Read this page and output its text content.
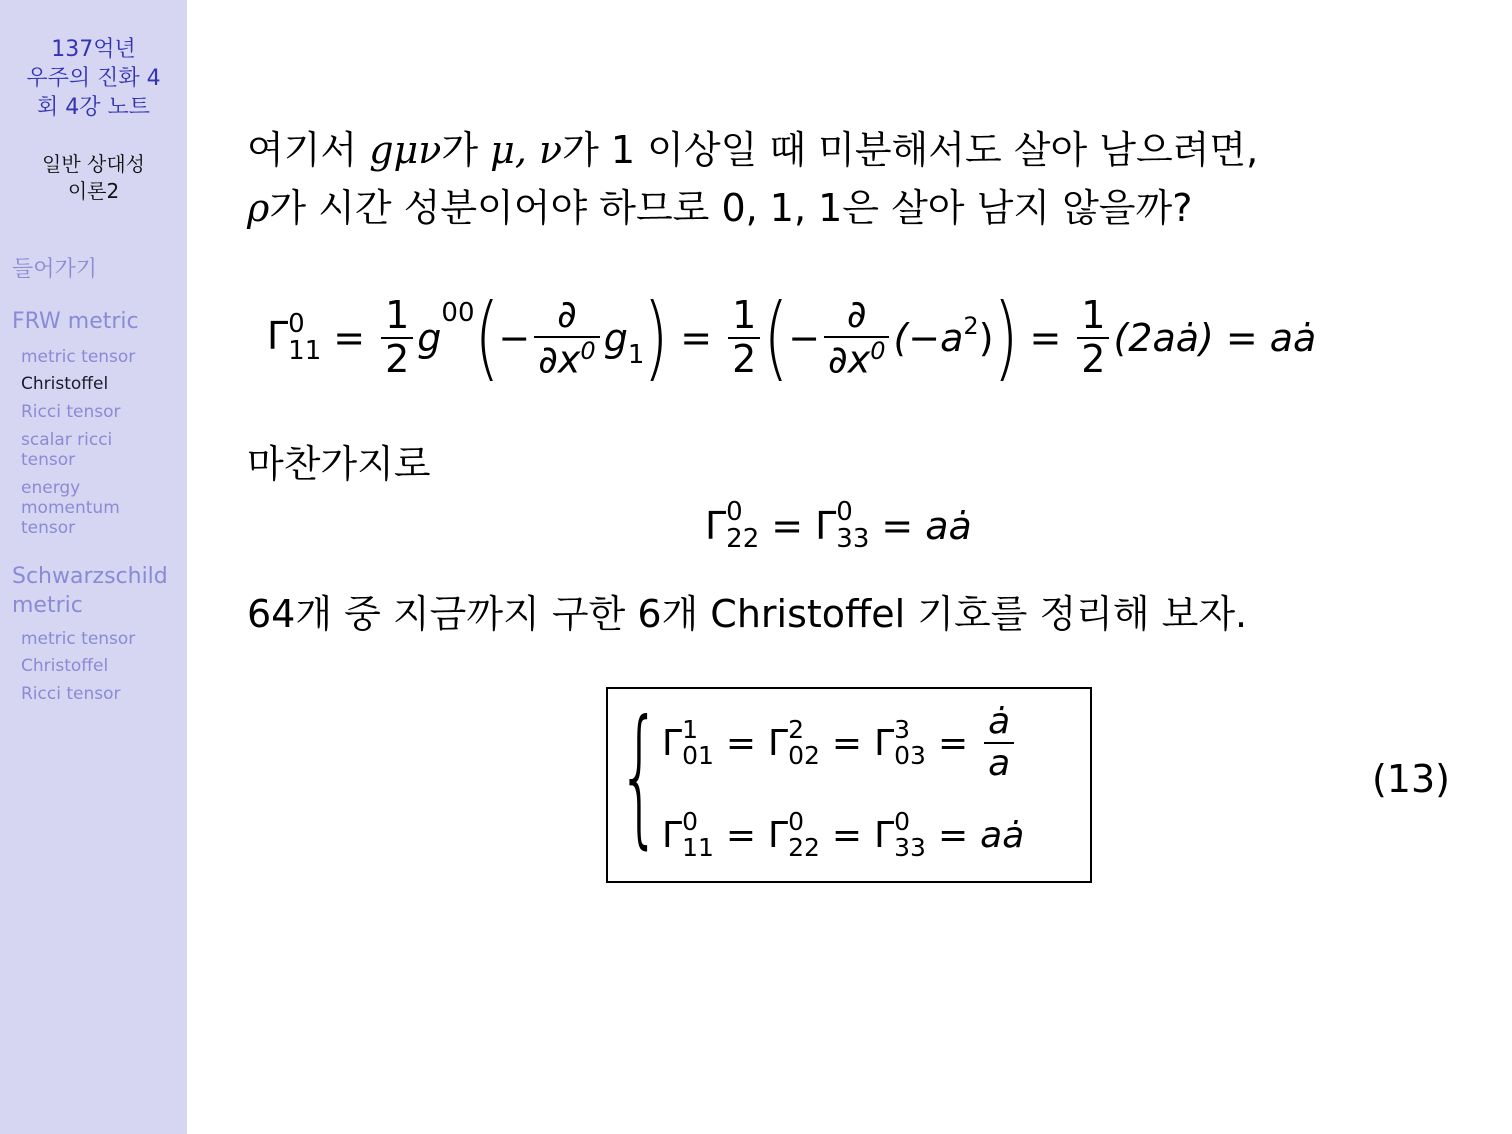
137억년
우주의 진화 4
회 4강 노트
일반 상대성
이론2
들어가기
FRW metric
metric tensor
Christoffel
Ricci tensor
scalar ricci tensor
energy momentum tensor
Schwarzschild metric
metric tensor
Christoffel
Ricci tensor
여기서 gμν가 μ, ν가 1 이상일 때 미분해서도 살아 남으려면,
ρ가 시간 성분이어야 하므로 0, 1, 1은 살아 남지 않을까?
Γ 0
$11 = \frac{1}{2}$ g
$^{00}$ ( − $\frac{\partial}{\partial x^0} g_1$ ) = $\frac{1}{2}$ ( − $\frac{\partial}{\partial x^0} (-a^2$ ) ) = $\frac{1}{2}$ (2aȧ) = aȧ
마찬가지로
Γ 0
22 = Γ 0
33 = aȧ
64개 중 지금까지 구한 6개 Christoffel 기호를 정리해 보자.
{ Γ 1
01 = Γ 2
02 = Γ 3
$03 = \frac{ȧ}{a}$
Γ 0
11 = Γ 0
22 = Γ 0
33 = aȧ
(13)
